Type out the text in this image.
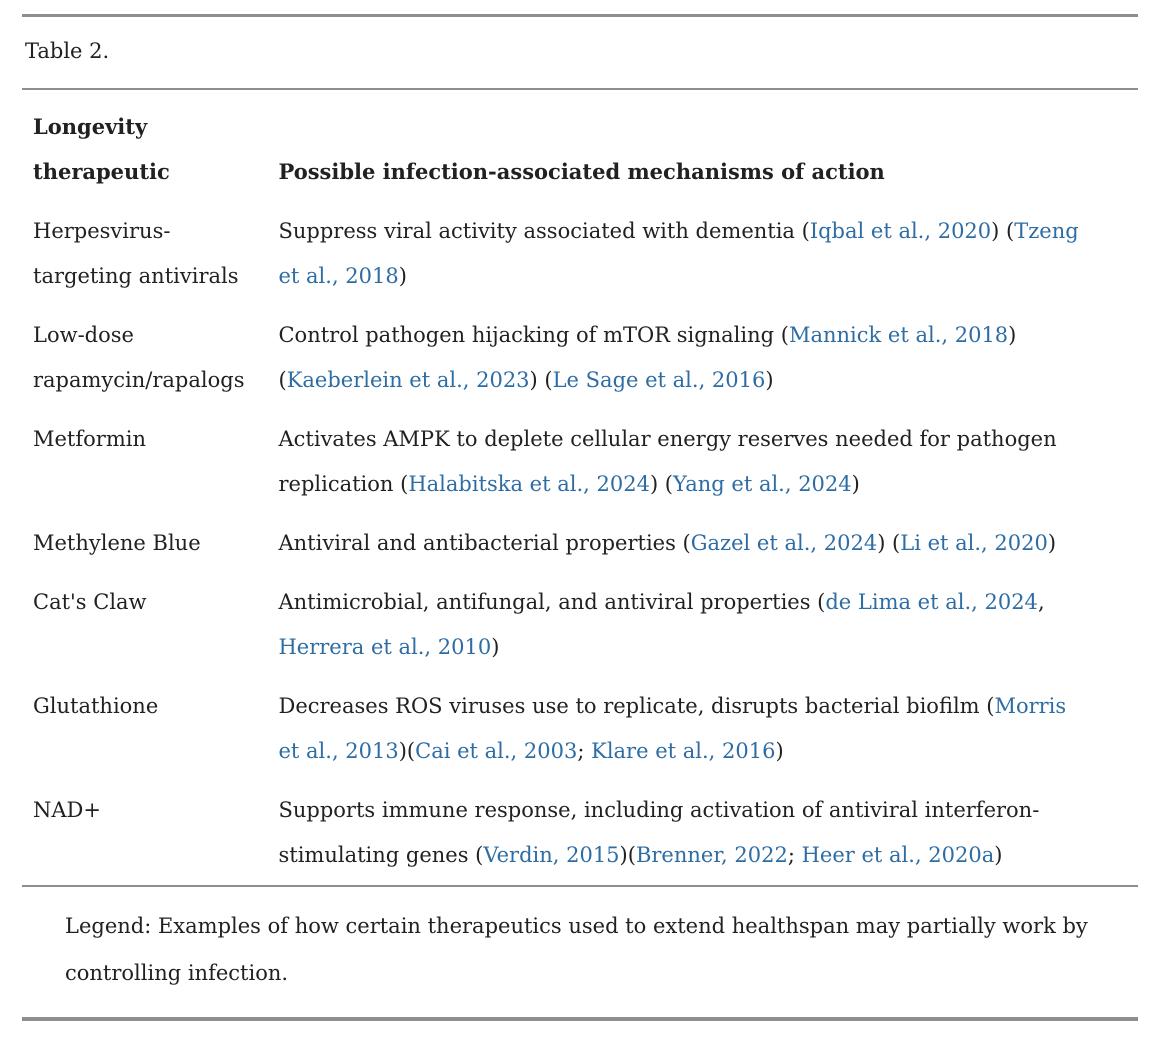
Table 2.
Longevity therapeutic	Possible infection-associated mechanisms of action
Herpesvirus-targeting antivirals	Suppress viral activity associated with dementia (Iqbal et al., 2020) (Tzeng et al., 2018)
Low-dose rapamycin/rapalogs	Control pathogen hijacking of mTOR signaling (Mannick et al., 2018) (Kaeberlein et al., 2023) (Le Sage et al., 2016)
Metformin	Activates AMPK to deplete cellular energy reserves needed for pathogen replication (Halabitska et al., 2024) (Yang et al., 2024)
Methylene Blue	Antiviral and antibacterial properties (Gazel et al., 2024) (Li et al., 2020)
Cat's Claw	Antimicrobial, antifungal, and antiviral properties (de Lima et al., 2024, Herrera et al., 2010)
Glutathione	Decreases ROS viruses use to replicate, disrupts bacterial biofilm (Morris et al., 2013)(Cai et al., 2003; Klare et al., 2016)
NAD+	Supports immune response, including activation of antiviral interferon-stimulating genes (Verdin, 2015)(Brenner, 2022; Heer et al., 2020a)
Legend: Examples of how certain therapeutics used to extend healthspan may partially work by controlling infection.
